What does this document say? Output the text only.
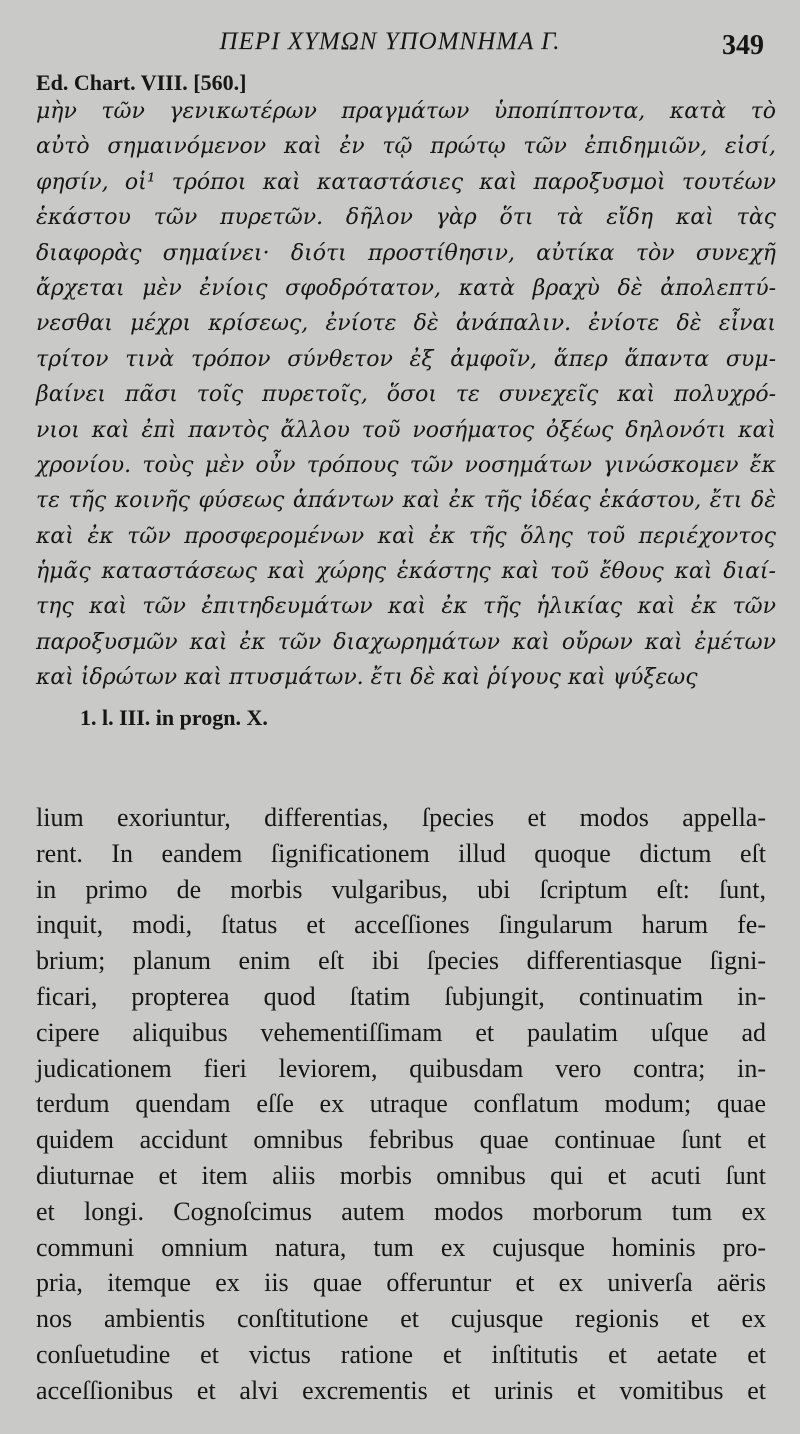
ΠΕΡΙ ΧΥΜΩΝ ΥΠΟΜΝΗΜΑ Γ.	349
Ed. Chart. VIII. [560.]
μὴν τῶν γενικωτέρων πραγμάτων ὑποπίπτοντα, κατὰ τὸ
αὐτὸ σημαινόμενον καὶ ἐν τῷ πρώτῳ τῶν ἐπιδημιῶν, εἰσί,
φησίν, οἱ¹ τρόποι καὶ καταστάσιες καὶ παροξυσμοὶ τουτέων
ἑκάστου τῶν πυρετῶν. δῆλον γὰρ ὅτι τὰ εἴδη καὶ τὰς
διαφορὰς σημαίνει· διότι προστίθησιν, αὐτίκα τὸν συνεχῆ
ἄρχεται μὲν ἐνίοις σφοδρότατον, κατὰ βραχὺ δὲ ἀπολεπτύ-
νεσθαι μέχρι κρίσεως, ἐνίοτε δὲ ἀνάπαλιν. ἐνίοτε δὲ εἶναι
τρίτον τινὰ τρόπον σύνθετον ἐξ ἀμφοῖν, ἅπερ ἅπαντα συμ-
βαίνει πᾶσι τοῖς πυρετοῖς, ὅσοι τε συνεχεῖς καὶ πολυχρό-
νιοι καὶ ἐπὶ παντὸς ἄλλου τοῦ νοσήματος ὀξέως δηλονότι καὶ
χρονίου. τοὺς μὲν οὖν τρόπους τῶν νοσημάτων γινώσκομεν ἔκ
τε τῆς κοινῆς φύσεως ἁπάντων καὶ ἐκ τῆς ἰδέας ἑκάστου, ἔτι δὲ
καὶ ἐκ τῶν προσφερομένων καὶ ἐκ τῆς ὅλης τοῦ περιέχοντος
ἡμᾶς καταστάσεως καὶ χώρης ἑκάστης καὶ τοῦ ἔθους καὶ διαί-
της καὶ τῶν ἐπιτηδευμάτων καὶ ἐκ τῆς ἡλικίας καὶ ἐκ τῶν
παροξυσμῶν καὶ ἐκ τῶν διαχωρημάτων καὶ οὔρων καὶ ἐμέτων
καὶ ἱδρώτων καὶ πτυσμάτων. ἔτι δὲ καὶ ῥίγους καὶ ψύξεως
1. l. III. in progn. X.
lium exoriuntur, differentias, ſpecies et modos appella-
rent. In eandem ſignificationem illud quoque dictum eſt
in primo de morbis vulgaribus, ubi ſcriptum eſt: ſunt,
inquit, modi, ſtatus et acceſſiones ſingularum harum fe-
brium; planum enim eſt ibi ſpecies differentiasque ſigni-
ficari, propterea quod ſtatim ſubjungit, continuatim in-
cipere aliquibus vehementiſſimam et paulatim uſque ad
judicationem fieri leviorem, quibusdam vero contra; in-
terdum quendam eſſe ex utraque conflatum modum; quae
quidem accidunt omnibus febribus quae continuae ſunt et
diuturnae et item aliis morbis omnibus qui et acuti ſunt
et longi. Cognoſcimus autem modos morborum tum ex
communi omnium natura, tum ex cujusque hominis pro-
pria, itemque ex iis quae offeruntur et ex univerſa aëris
nos ambientis conſtitutione et cujusque regionis et ex
conſuetudine et victus ratione et inſtitutis et aetate et
acceſſionibus et alvi excrementis et urinis et vomitibus et
